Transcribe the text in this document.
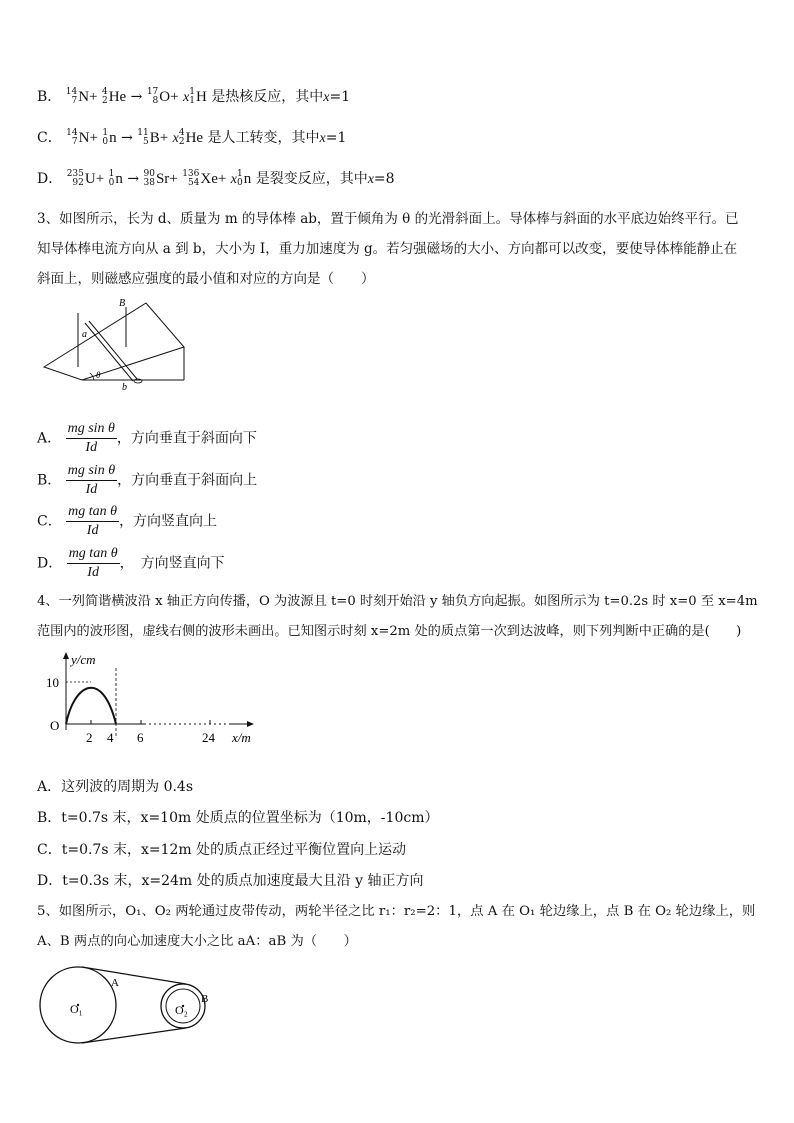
B． 14
7 N+ 4
2 He → 17
8 O+ x 1
1 H 是热核反应，其中x=1
C． 14
7 N+ 1
0 n → 11
5 B+ x 4
2 He 是人工转变，其中x=1
D． 235
92 U+ 1
0 n → 90
38 Sr+ 136
54 Xe+ x 1
0 n 是裂变反应，其中x=8
3、如图所示，长为 d、质量为 m 的导体棒 ab，置于倾角为 θ 的光滑斜面上。导体棒与斜面的水平底边始终平行。已
知导体棒电流方向从 a 到 b，大小为 I，重力加速度为 g。若匀强磁场的大小、方向都可以改变，要使导体棒能静止在
斜面上，则磁感应强度的最小值和对应的方向是（　　）
B
a
b
θ
A． $\frac{\text{mg sin θ}}{Id}$ ，方向垂直于斜面向下
B． $\frac{\text{mg sin θ}}{Id}$ ，方向垂直于斜面向上
C． $\frac{\text{mg tan θ}}{Id}$ ，方向竖直向上
D． $\frac{\text{mg tan θ}}{Id}$ ，　方向竖直向下
4、一列简谐横波沿 x 轴正方向传播，O 为波源且 t=0 时刻开始沿 y 轴负方向起振。如图所示为 t=0.2s 时 x=0 至 x=4m
范围内的波形图，虚线右侧的波形未画出。已知图示时刻 x=2m 处的质点第一次到达波峰，则下列判断中正确的是(　　)
y/cm
10
O
2 4 6	24 x/m
A．这列波的周期为 0.4s
B．t=0.7s 末，x=10m 处质点的位置坐标为（10m，-10cm）
C．t=0.7s 末，x=12m 处的质点正经过平衡位置向上运动
D．t=0.3s 末，x=24m 处的质点加速度最大且沿 y 轴正方向
5、如图所示，O₁、O₂ 两轮通过皮带传动，两轮半径之比 r₁：r₂=2：1，点 A 在 O₁ 轮边缘上，点 B 在 O₂ 轮边缘上，则
A、B 两点的向心加速度大小之比 aA：aB 为（　　）
O₁	O₂
A
B
